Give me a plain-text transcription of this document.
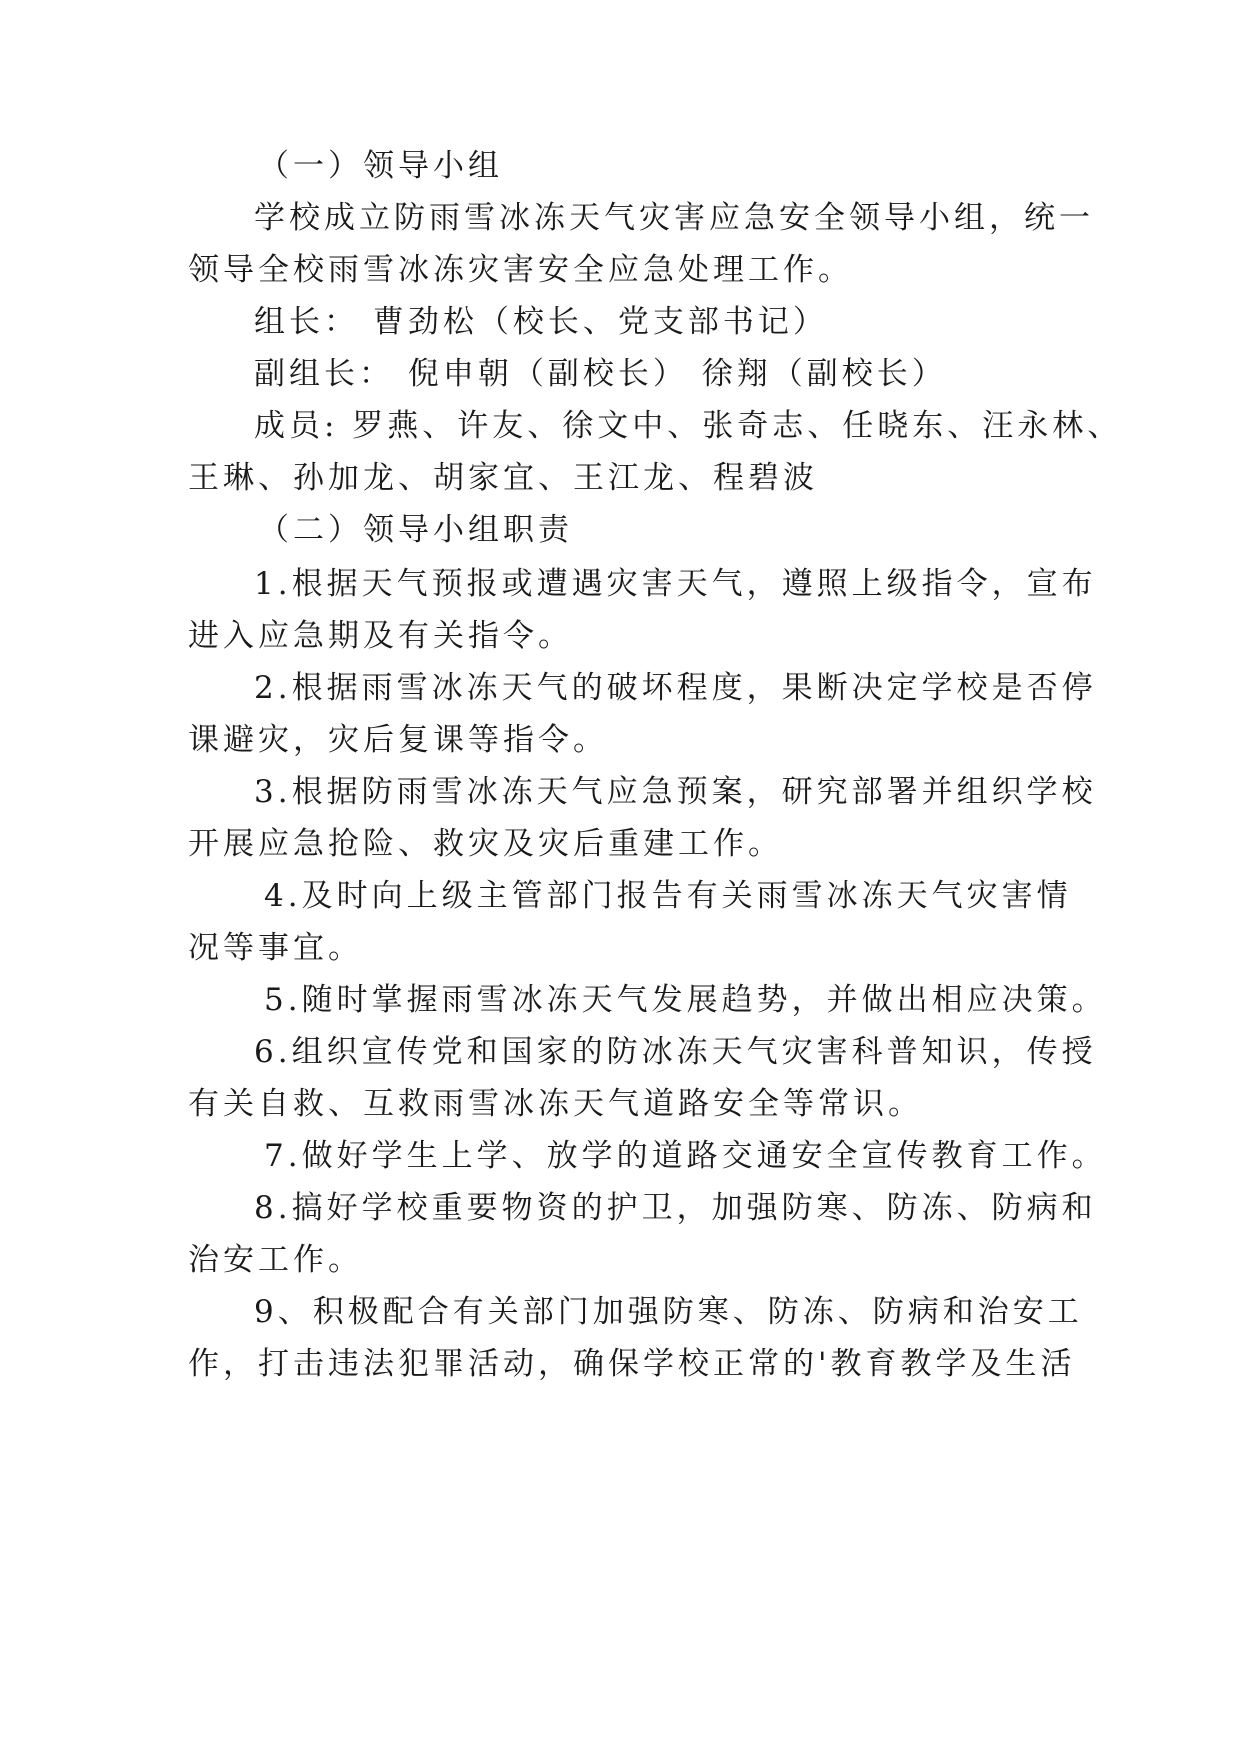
（一）领导小组
学校成立防雨雪冰冻天气灾害应急安全领导小组，统一
领导全校雨雪冰冻灾害安全应急处理工作。
组长： 曹劲松（校长、党支部书记）
副组长： 倪申朝（副校长） 徐翔（副校长）
成员: 罗燕、许友、徐文中、张奇志、任晓东、汪永林、
王琳、孙加龙、胡家宜、王江龙、程碧波
（二）领导小组职责
1.根据天气预报或遭遇灾害天气，遵照上级指令，宣布
进入应急期及有关指令。
2.根据雨雪冰冻天气的破坏程度，果断决定学校是否停
课避灾，灾后复课等指令。
3.根据防雨雪冰冻天气应急预案，研究部署并组织学校
开展应急抢险、救灾及灾后重建工作。
4.及时向上级主管部门报告有关雨雪冰冻天气灾害情
况等事宜。
5.随时掌握雨雪冰冻天气发展趋势，并做出相应决策。
6.组织宣传党和国家的防冰冻天气灾害科普知识，传授
有关自救、互救雨雪冰冻天气道路安全等常识。
7.做好学生上学、放学的道路交通安全宣传教育工作。
8.搞好学校重要物资的护卫，加强防寒、防冻、防病和
治安工作。
9、积极配合有关部门加强防寒、防冻、防病和治安工
作，打击违法犯罪活动，确保学校正常的'教育教学及生活
